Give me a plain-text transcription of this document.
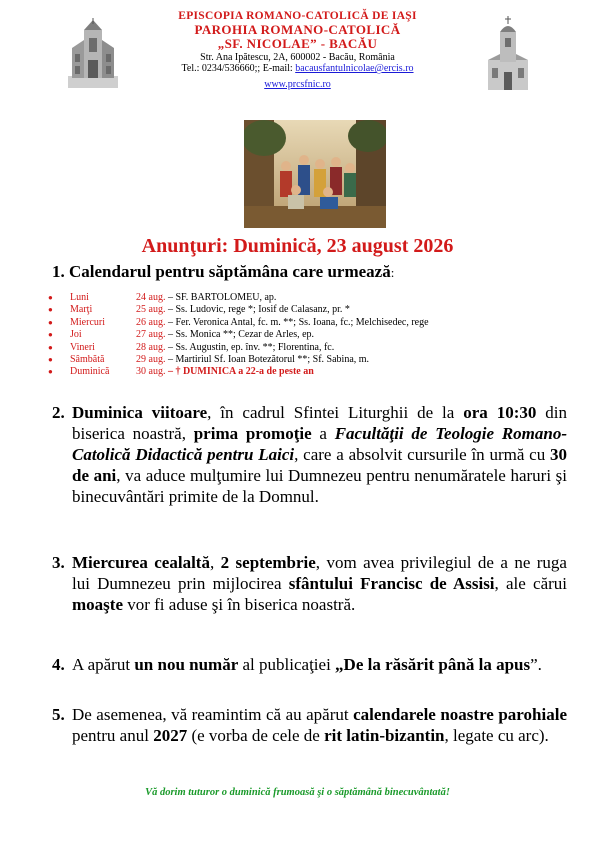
EPISCOPIA ROMANO-CATOLICĂ DE IAŞI
PAROHIA ROMANO-CATOLICĂ
„SF. NICOLAE” - BACĂU
Str. Ana Ipătescu, 2A, 600002 - Bacău, România
Tel.: 0234/536660;; E-mail: bacausfantulnicolae@ercis.ro
www.prcsfnic.ro
Anunţuri: Duminică, 23 august 2026
1. Calendarul pentru săptămâna care urmează:
●	Luni	24 aug. – SF. BARTOLOMEU, ap.
●	Marţi	25 aug. – Ss. Ludovic, rege *; Iosif de Calasanz, pr. *
●	Miercuri	26 aug. – Fer. Veronica Antal, fc. m. **; Ss. Ioana, fc.; Melchisedec, rege
●	Joi	27 aug. – Ss. Monica **; Cezar de Arles, ep.
●	Vineri	28 aug. – Ss. Augustin, ep. înv. **; Florentina, fc.
●	Sâmbătă	29 aug. – Martiriul Sf. Ioan Botezătorul **; Sf. Sabina, m.
●	Duminică	30 aug. – † DUMINICA a 22-a de peste an
2. Duminica viitoare, în cadrul Sfintei Liturghii de la ora 10:30 din biserica noastră, prima promoţie a Facultăţii de Teologie Romano-Catolică Didactică pentru Laici, care a absolvit cursurile în urmă cu 30 de ani, va aduce mulţumire lui Dumnezeu pentru nenumăratele haruri şi binecuvântări primite de la Domnul.
3. Miercurea cealaltă, 2 septembrie, vom avea privilegiul de a ne ruga lui Dumnezeu prin mijlocirea sfântului Francisc de Assisi, ale cărui moaşte vor fi aduse şi în biserica noastră.
4. A apărut un nou număr al publicaţiei „De la răsărit până la apus”.
5. De asemenea, vă reamintim că au apărut calendarele noastre parohiale pentru anul 2027 (e vorba de cele de rit latin-bizantin, legate cu arc).
Vă dorim tuturor o duminică frumoasă şi o săptămână binecuvântată!
